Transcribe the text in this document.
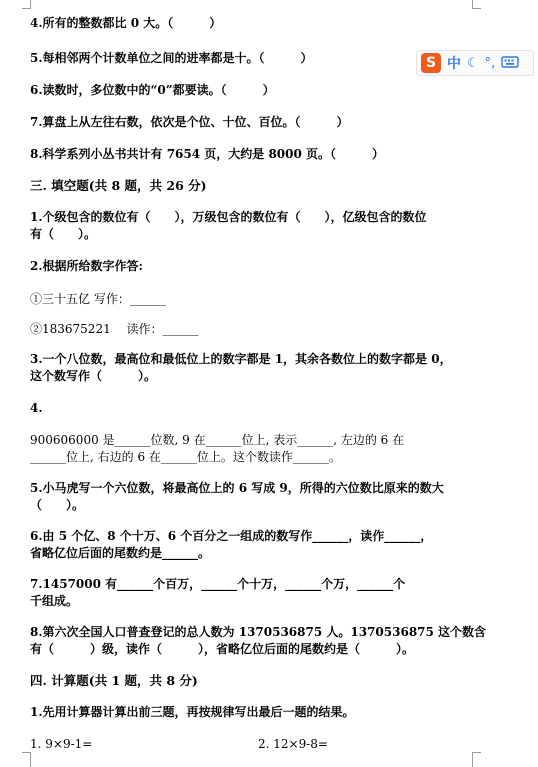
4.所有的整数都比 0 大。（　　　）
5.每相邻两个计数单位之间的进率都是十。（　　　）
6.读数时，多位数中的“0”都要读。（　　　）
7.算盘上从左往右数，依次是个位、十位、百位。（　　　）
8.科学系列小丛书共计有 7654 页，大约是 8000 页。（　　　）
三. 填空题(共 8 题，共 26 分)
1.个级包含的数位有（　　），万级包含的数位有（　　），亿级包含的数位
有（　　）。
2.根据所给数字作答:
①三十五亿 写作：______
②183675221　 读作：______
3.一个八位数，最高位和最低位上的数字都是 1，其余各数位上的数字都是 0，
这个数写作（　　　）。
4.
900606000 是______位数, 9 在______位上, 表示______, 左边的 6 在
______位上, 右边的 6 在______位上。这个数读作______。
5.小马虎写一个六位数，将最高位上的 6 写成 9，所得的六位数比原来的数大
（　　）。
6.由 5 个亿、8 个十万、6 个百分之一组成的数写作______，读作______，
省略亿位后面的尾数约是______。
7.1457000 有______个百万，______个十万，______个万，______个
千组成。
8.第六次全国人口普查登记的总人数为 1370536875 人。1370536875 这个数含
有（　　　）级，读作（　　　），省略亿位后面的尾数约是（　　　）。
四. 计算题(共 1 题，共 8 分)
1.先用计算器计算出前三题，再按规律写出最后一题的结果。
1. 9×9-1=	2. 12×9-8=
S 中 ☾ °,
